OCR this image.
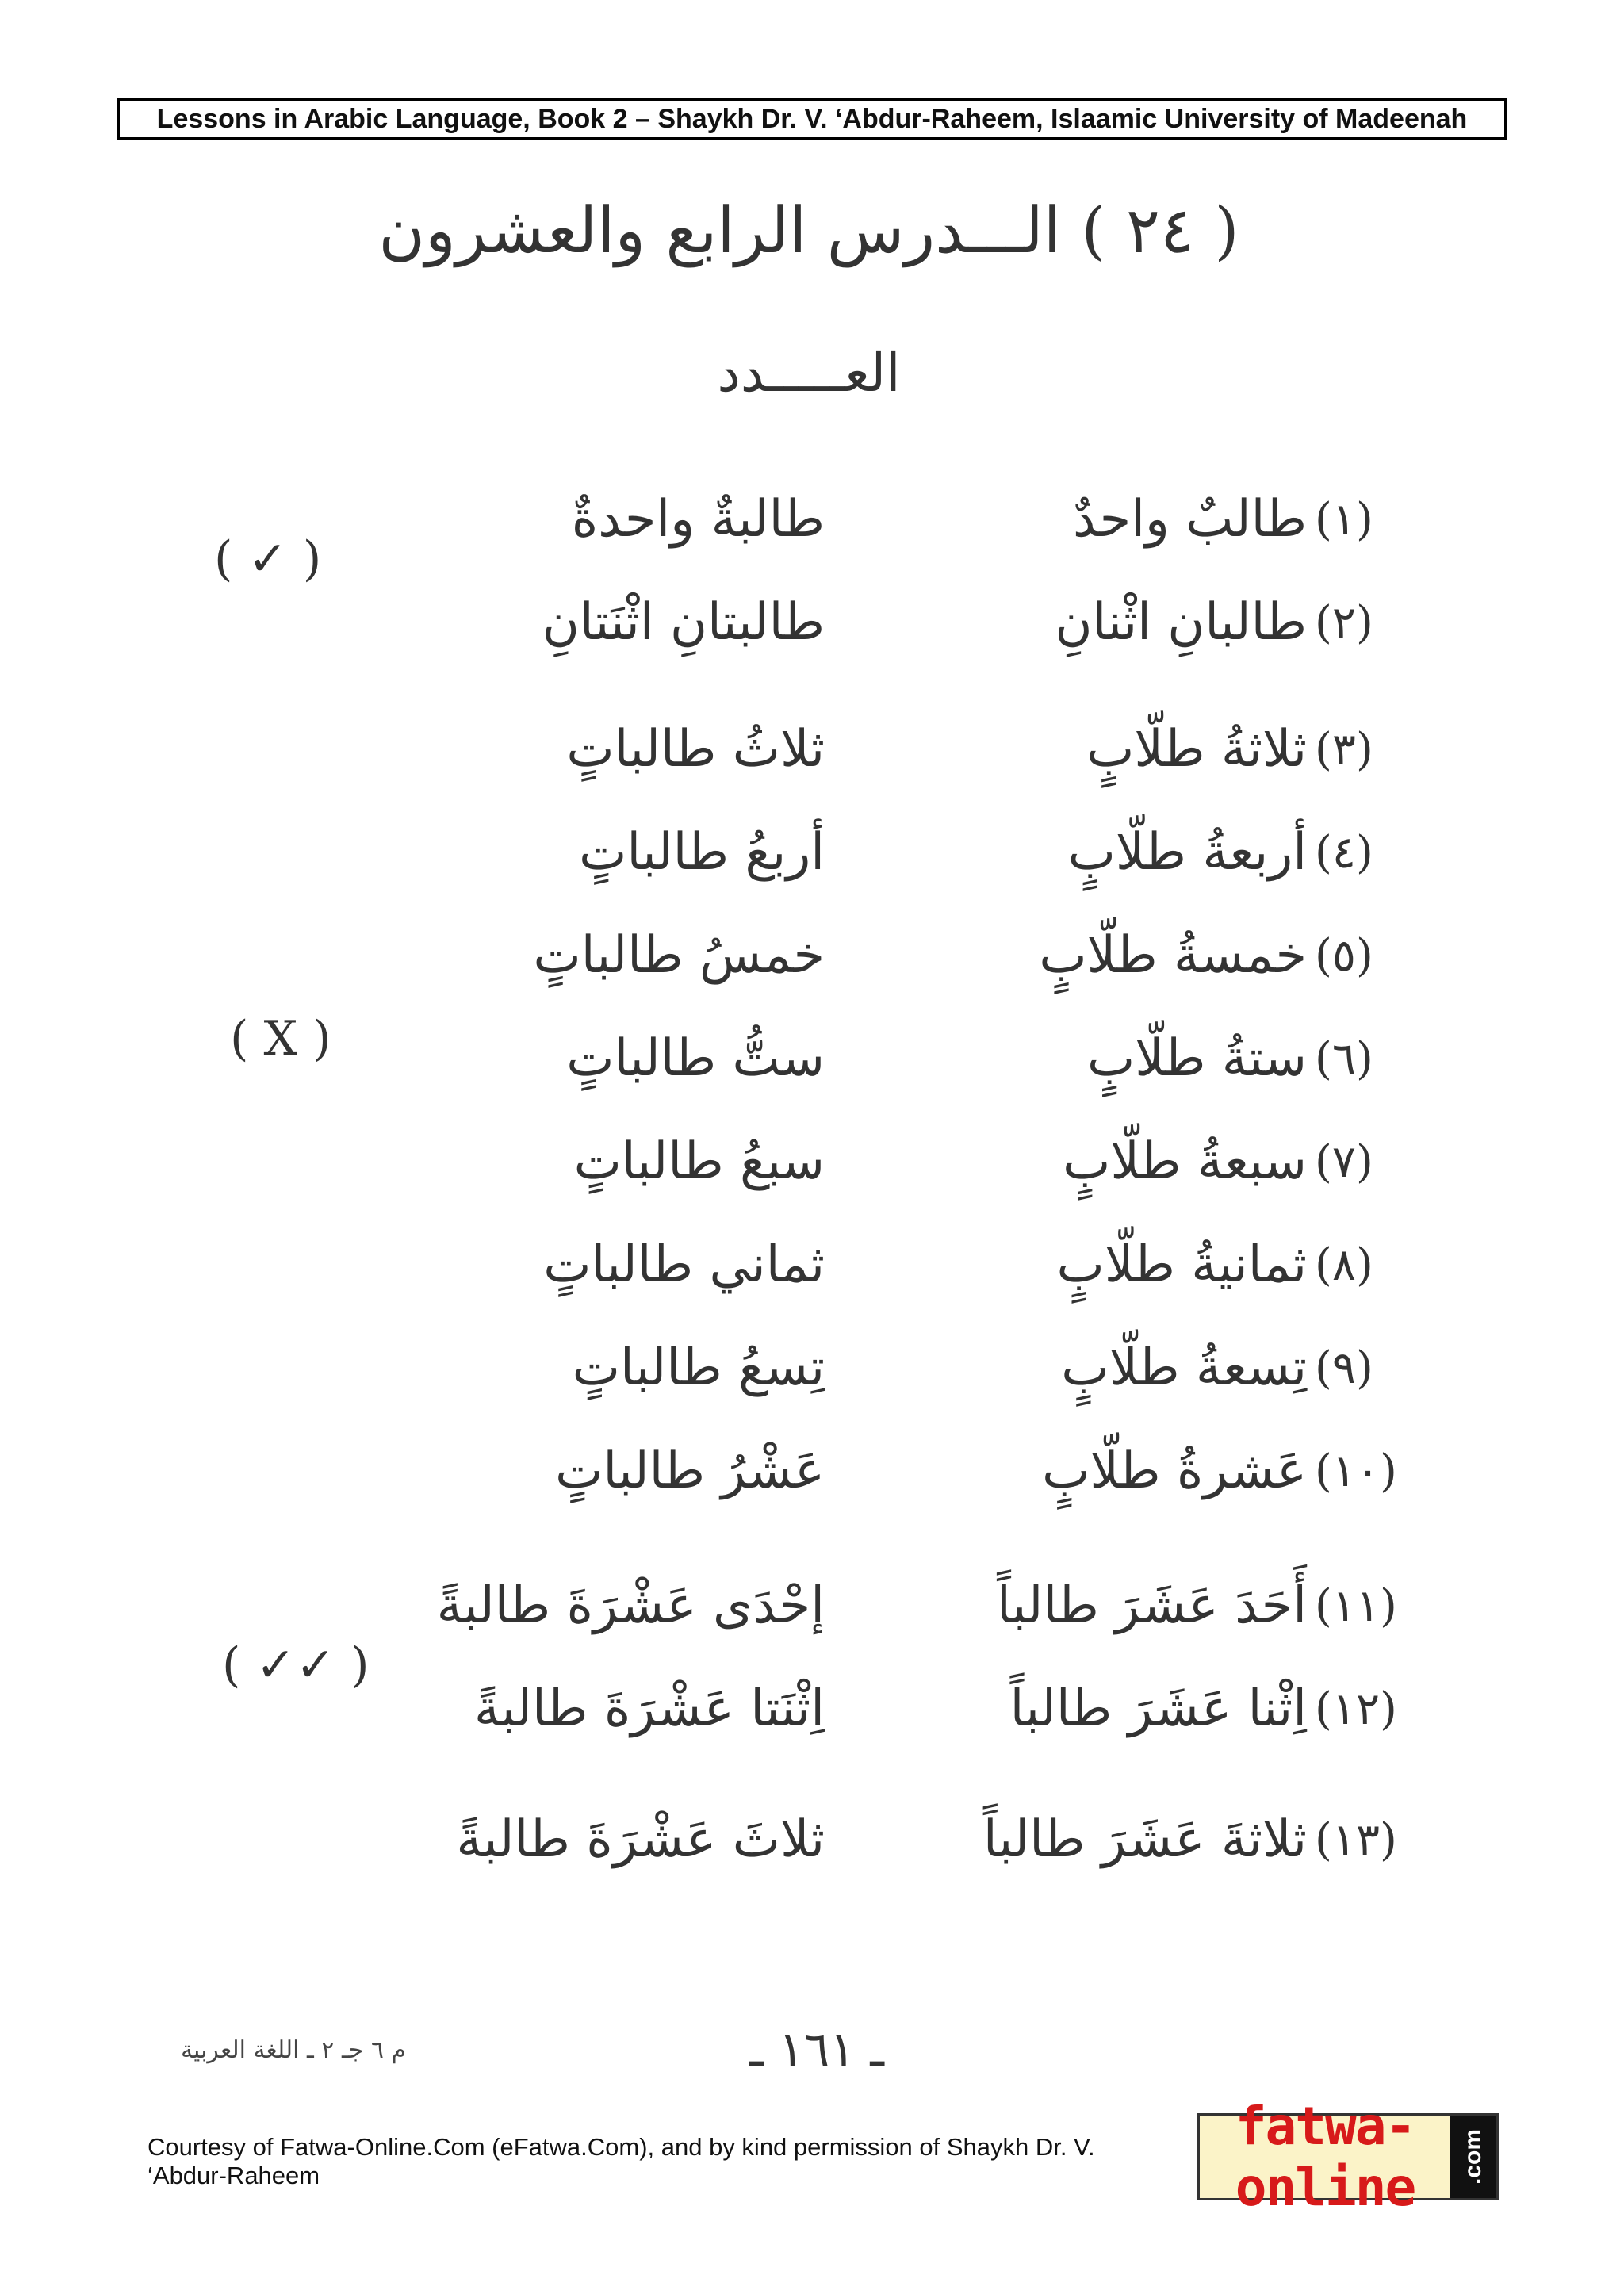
Lessons in Arabic Language, Book 2 – Shaykh Dr. V. ‘Abdur-Raheem, Islaamic University of Madeenah
( ٢٤ ) الـــدرس الرابع والعشرون
العـــــدد
(١)
طالبٌ واحدٌ
طالبةٌ واحدةٌ
(٢)
طالبانِ اثْنانِ
طالبتانِ اثْنَتانِ
(٣)
ثلاثةُ طلّابٍ
ثلاثُ طالباتٍ
(٤)
أربعةُ طلّابٍ
أربعُ طالباتٍ
(٥)
خمسةُ طلّابٍ
خمسُ طالباتٍ
(٦)
ستةُ طلّابٍ
ستُّ طالباتٍ
(٧)
سبعةُ طلّابٍ
سبعُ طالباتٍ
(٨)
ثمانيةُ طلّابٍ
ثماني طالباتٍ
(٩)
تِسعةُ طلّابٍ
تِسعُ طالباتٍ
(١٠)
عَشرةُ طلّابٍ
عَشْرُ طالباتٍ
(١١)
أَحَدَ عَشَرَ طالباً
إحْدَى عَشْرَةَ طالبةً
(١٢)
اِثْنا عَشَرَ طالباً
اِثْنَتا عَشْرَةَ طالبةً
(١٣)
ثلاثةَ عَشَرَ طالباً
ثلاثَ عَشْرَةَ طالبةً
( ✓ )
( X )
( ✓✓ )
م ٦ جـ ٢ ـ اللغة العربية	ـ ١٦١ ـ
Courtesy of Fatwa-Online.Com (eFatwa.Com), and by kind permission of Shaykh Dr. V. ‘Abdur-Raheem
fatwa-online	.com
